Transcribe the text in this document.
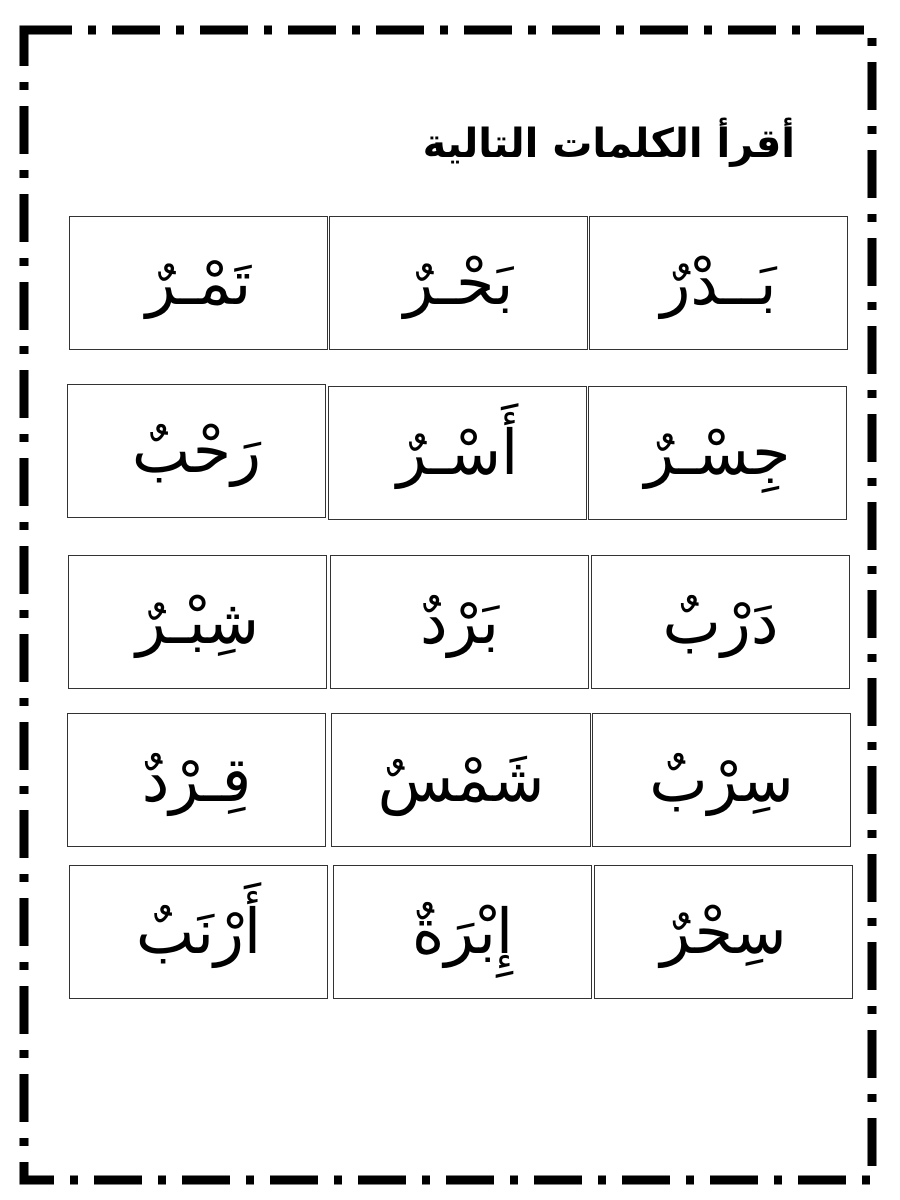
أقرأ الكلمات التالية
بَــدْرٌ
بَحْـرٌ
تَمْـرٌ
جِسْـرٌ
أَسْـرٌ
رَحْبٌ
دَرْبٌ
بَرْدٌ
شِبْـرٌ
سِرْبٌ
شَمْسٌ
قِـرْدٌ
سِحْرٌ
إِبْرَةٌ
أَرْنَبٌ
